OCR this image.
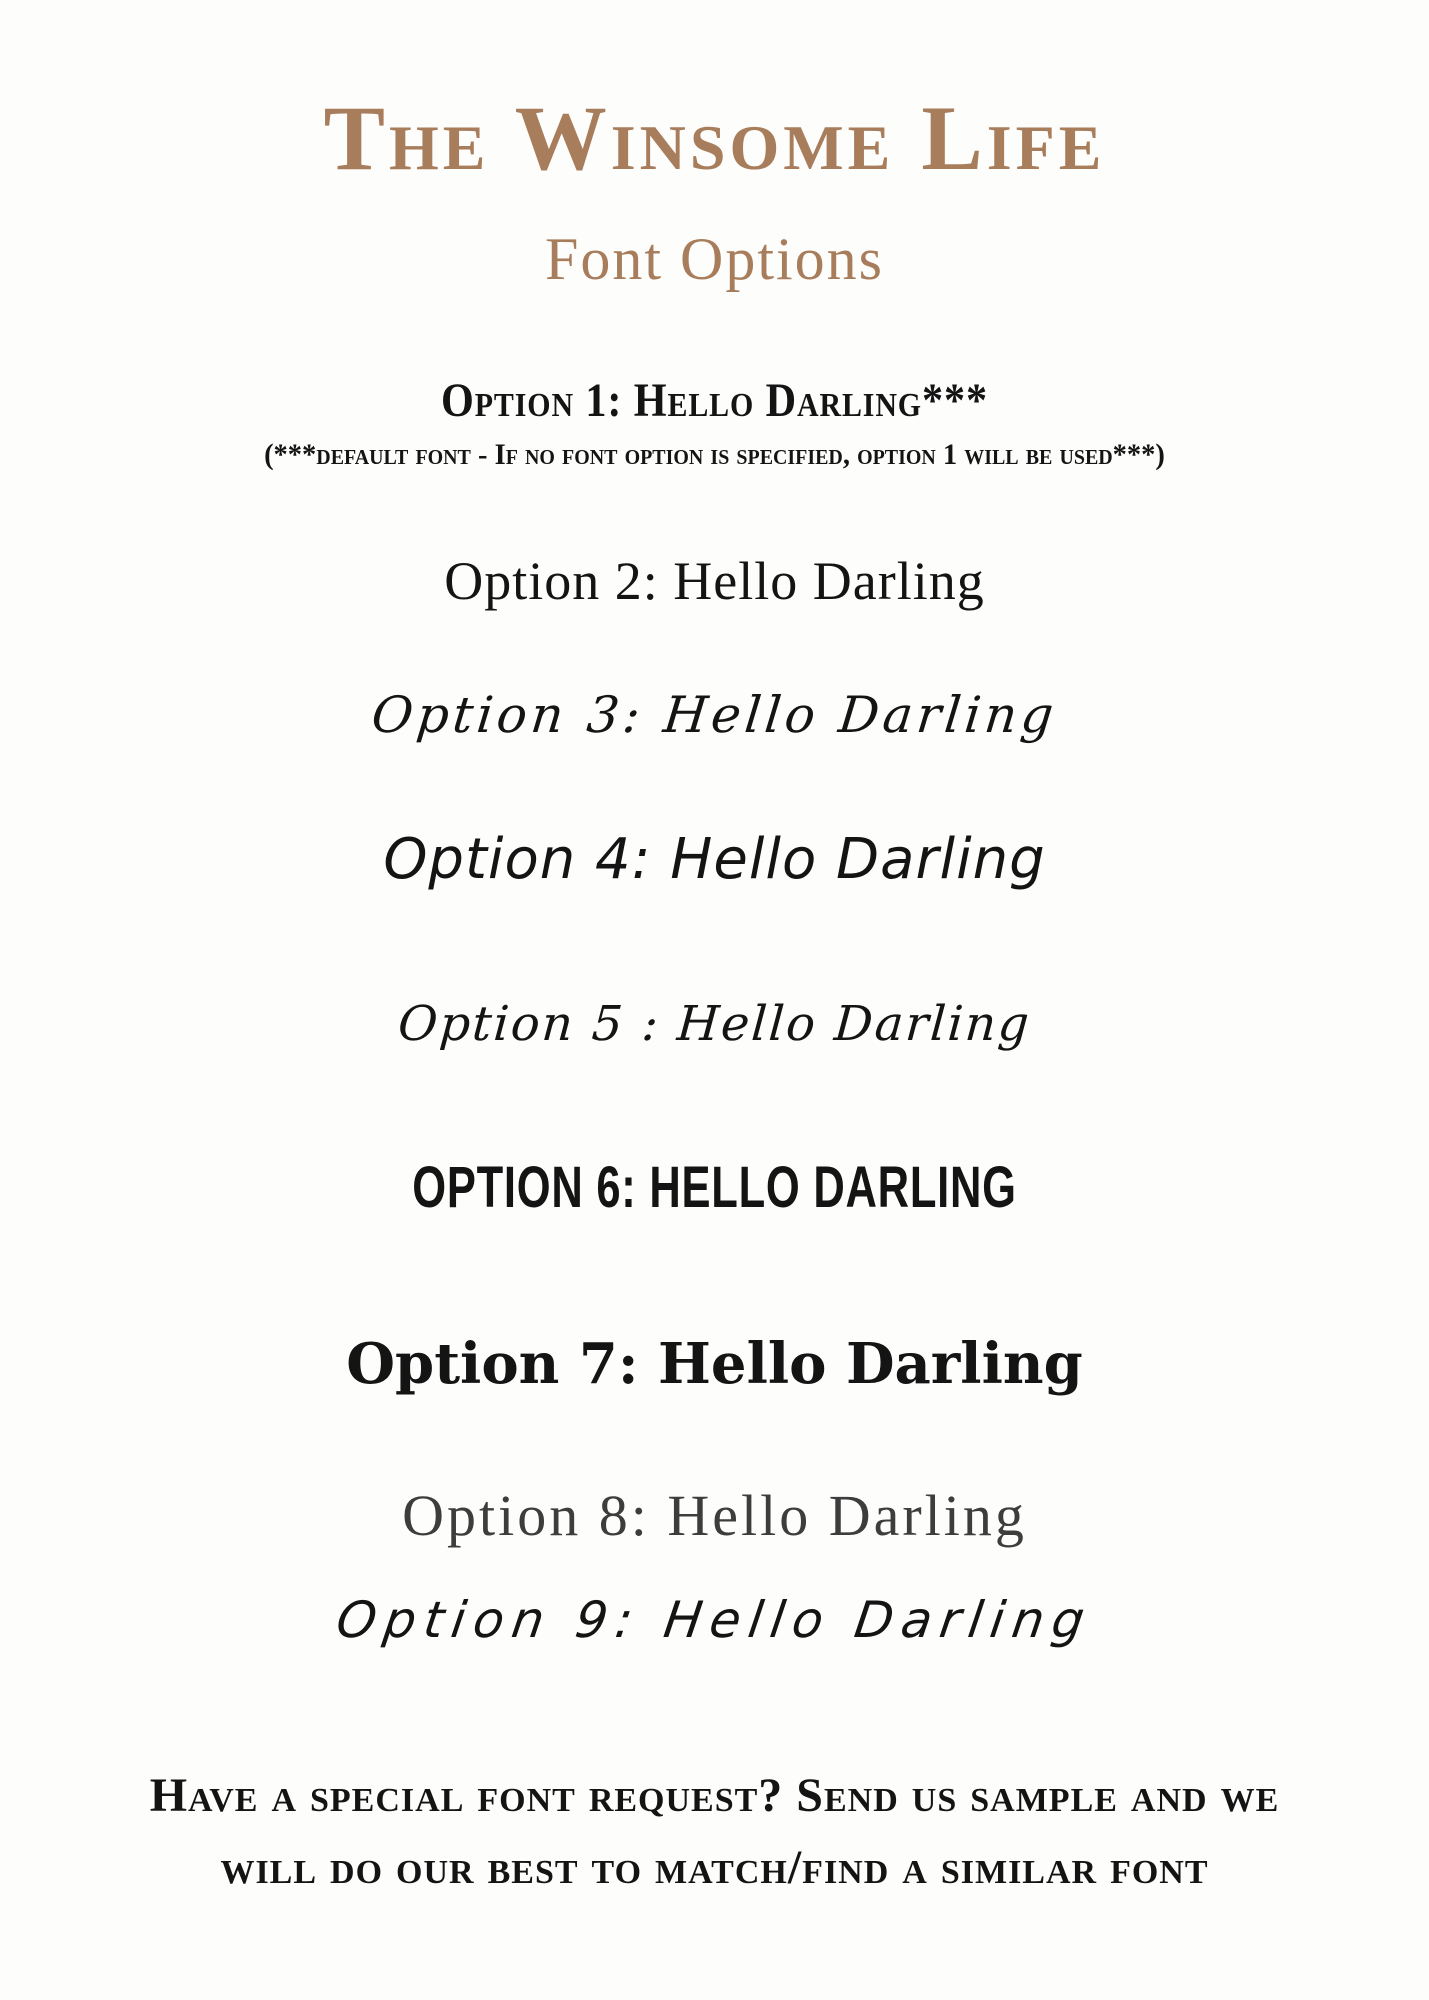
The Winsome Life
Font Options
Option 1: Hello Darling***
(***default font - If no font option is specified, option 1 will be used***)
Option 2: Hello Darling
Option 3: Hello Darling
Option 4: Hello Darling
Option 5 : Hello Darling
OPTION 6: HELLO DARLING
Option 7: Hello Darling
Option 8: Hello Darling
Option 9: Hello Darling
Have a special font request? Send us sample and we
will do our best to match/find a similar font
